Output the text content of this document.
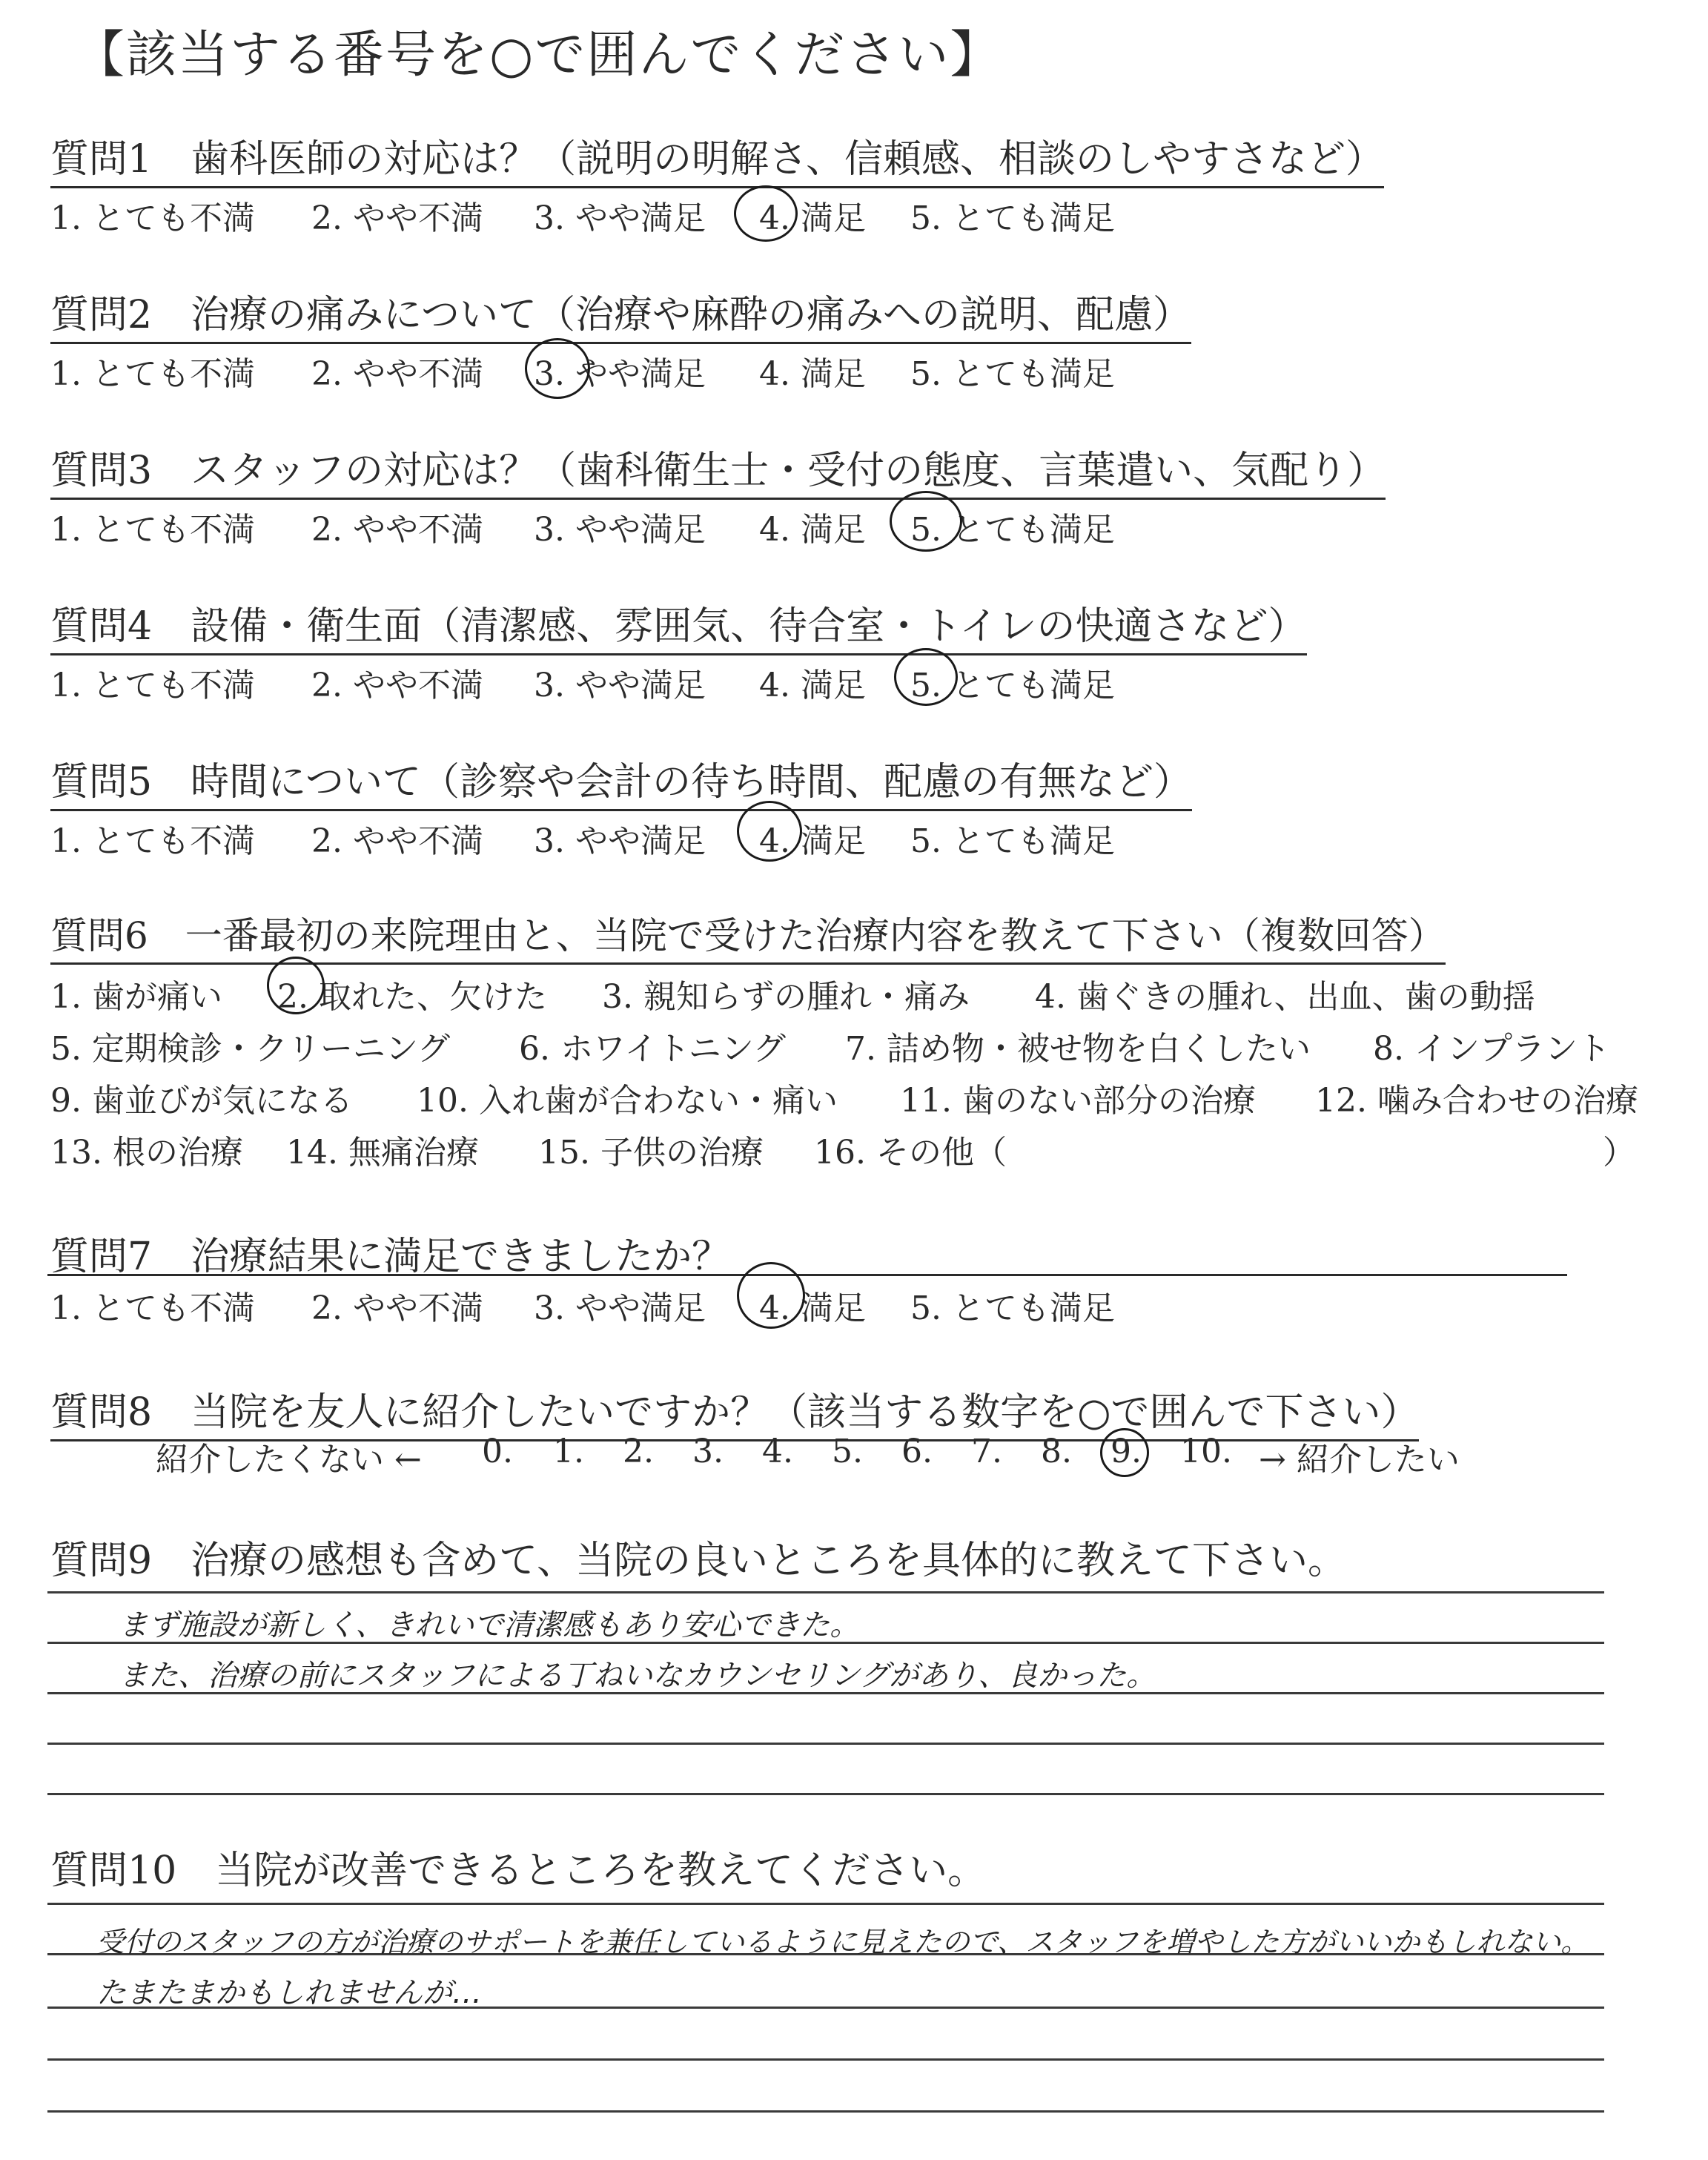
【該当する番号を○で囲んでください】
質問1　歯科医師の対応は？（説明の明解さ、信頼感、相談のしやすさなど）
1. とても不満 2. やや不満 3. やや満足 4. 満足 5. とても満足
質問2　治療の痛みについて（治療や麻酔の痛みへの説明、配慮）
1. とても不満 2. やや不満 3. やや満足 4. 満足 5. とても満足
質問3　スタッフの対応は？（歯科衛生士・受付の態度、言葉遣い、気配り）
1. とても不満 2. やや不満 3. やや満足 4. 満足 5. とても満足
質問4　設備・衛生面（清潔感、雰囲気、待合室・トイレの快適さなど）
1. とても不満 2. やや不満 3. やや満足 4. 満足 5. とても満足
質問5　時間について（診察や会計の待ち時間、配慮の有無など）
1. とても不満 2. やや不満 3. やや満足 4. 満足 5. とても満足
質問6　一番最初の来院理由と、当院で受けた治療内容を教えて下さい（複数回答）
1. 歯が痛い 2. 取れた、欠けた 3. 親知らずの腫れ・痛み 4. 歯ぐきの腫れ、出血、歯の動揺
5. 定期検診・クリーニング 6. ホワイトニング 7. 詰め物・被せ物を白くしたい 8. インプラント
9. 歯並びが気になる 10. 入れ歯が合わない・痛い 11. 歯のない部分の治療 12. 噛み合わせの治療
13. 根の治療 14. 無痛治療 15. 子供の治療 16. その他（	）
質問7　治療結果に満足できましたか？
1. とても不満 2. やや不満 3. やや満足 4. 満足 5. とても満足
質問8　当院を友人に紹介したいですか？（該当する数字を○で囲んで下さい）
紹介したくない ← 0. 1. 2. 3. 4. 5. 6. 7. 8. 9. 10. → 紹介したい
質問9　治療の感想も含めて、当院の良いところを具体的に教えて下さい。
まず施設が新しく、きれいで清潔感もあり安心できた。
また、治療の前にスタッフによる丁ねいなカウンセリングがあり、良かった。
質問10　当院が改善できるところを教えてください。
受付のスタッフの方が治療のサポートを兼任しているように見えたので、スタッフを増やした方がいいかもしれない。
たまたまかもしれませんが…
